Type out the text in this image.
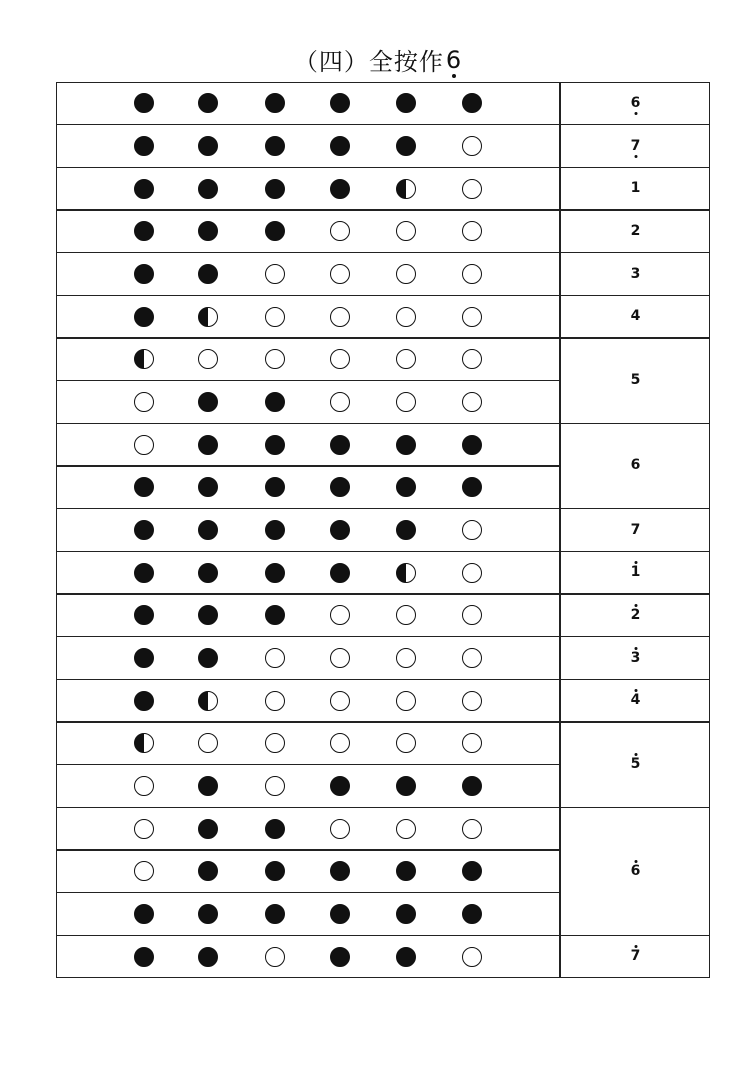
（四）全按作6
6
7
1
2
3
4
5
6
7
1
2
3
4
5
6
7
